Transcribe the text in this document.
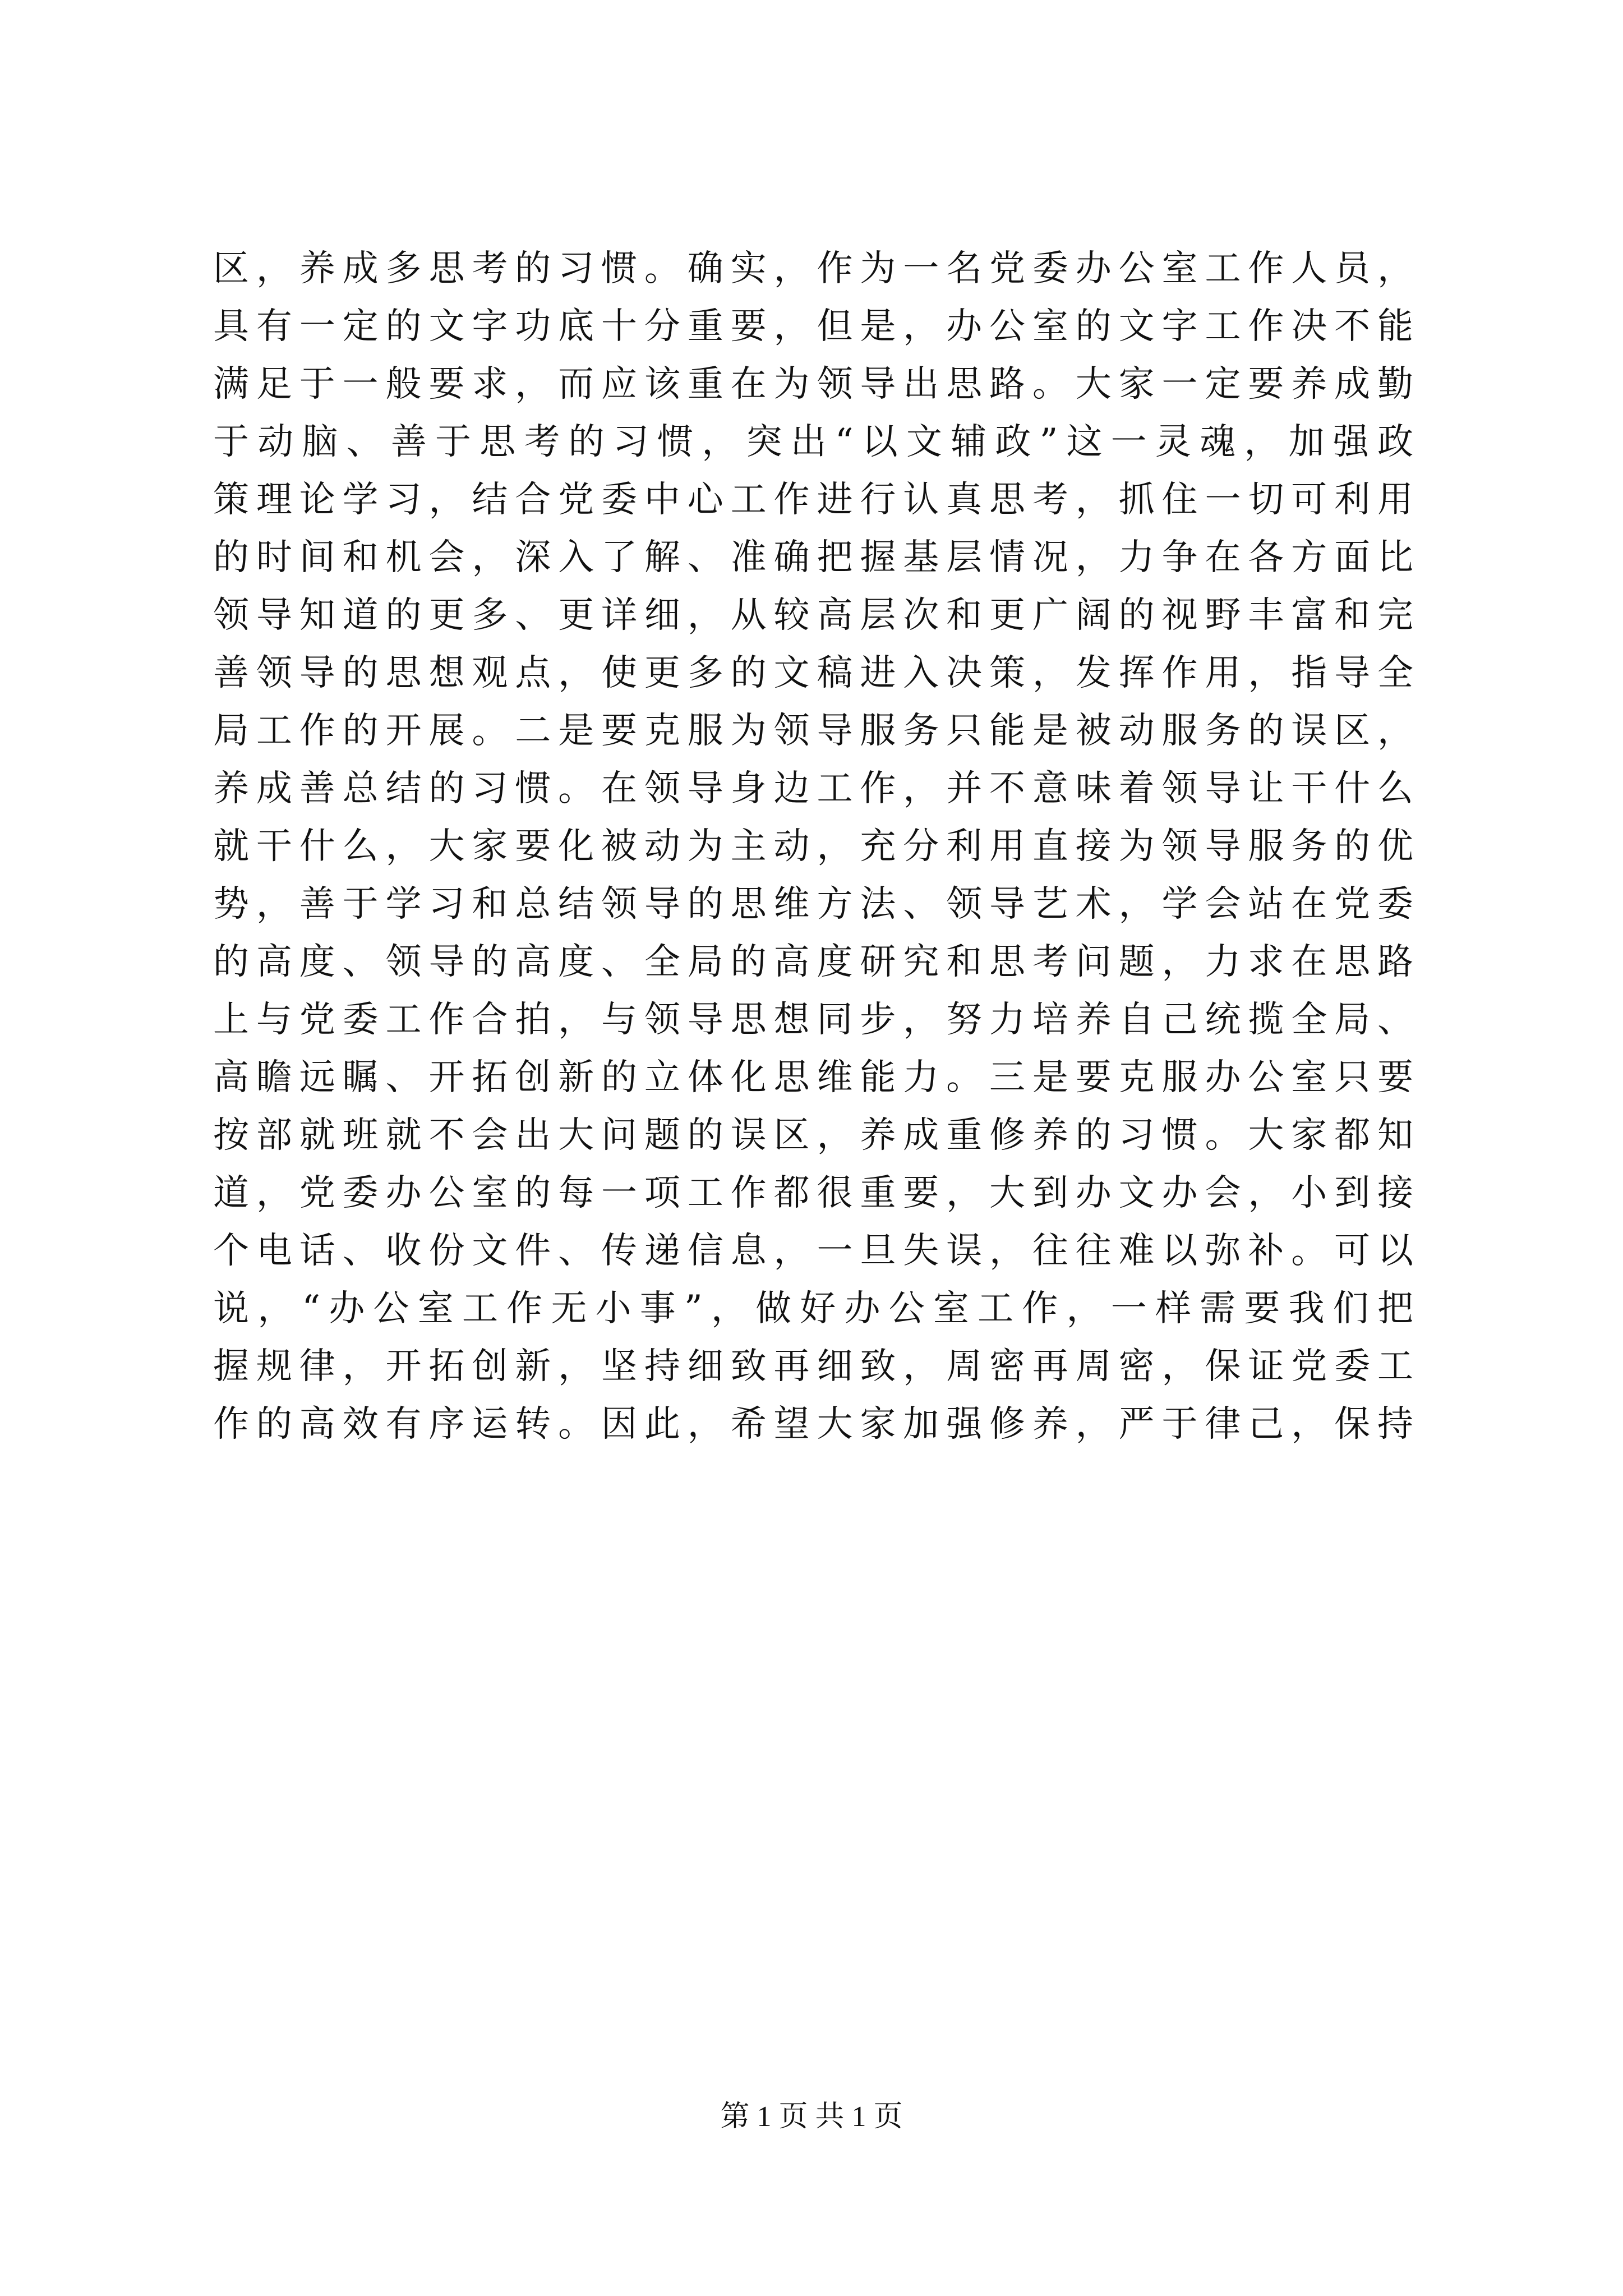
区，养成多思考的习惯。确实，作为一名党委办公室工作人员，
具有一定的文字功底十分重要，但是，办公室的文字工作决不能
满足于一般要求，而应该重在为领导出思路。大家一定要养成勤
于动脑、善于思考的习惯，突出“以文辅政”这一灵魂，加强政
策理论学习，结合党委中心工作进行认真思考，抓住一切可利用
的时间和机会，深入了解、准确把握基层情况，力争在各方面比
领导知道的更多、更详细，从较高层次和更广阔的视野丰富和完
善领导的思想观点，使更多的文稿进入决策，发挥作用，指导全
局工作的开展。二是要克服为领导服务只能是被动服务的误区，
养成善总结的习惯。在领导身边工作，并不意味着领导让干什么
就干什么，大家要化被动为主动，充分利用直接为领导服务的优
势，善于学习和总结领导的思维方法、领导艺术，学会站在党委
的高度、领导的高度、全局的高度研究和思考问题，力求在思路
上与党委工作合拍，与领导思想同步，努力培养自己统揽全局、
高瞻远瞩、开拓创新的立体化思维能力。三是要克服办公室只要
按部就班就不会出大问题的误区，养成重修养的习惯。大家都知
道，党委办公室的每一项工作都很重要，大到办文办会，小到接
个电话、收份文件、传递信息，一旦失误，往往难以弥补。可以
说，“办公室工作无小事”，做好办公室工作，一样需要我们把
握规律，开拓创新，坚持细致再细致，周密再周密，保证党委工
作的高效有序运转。因此，希望大家加强修养，严于律己，保持
第 1 页 共 1 页
